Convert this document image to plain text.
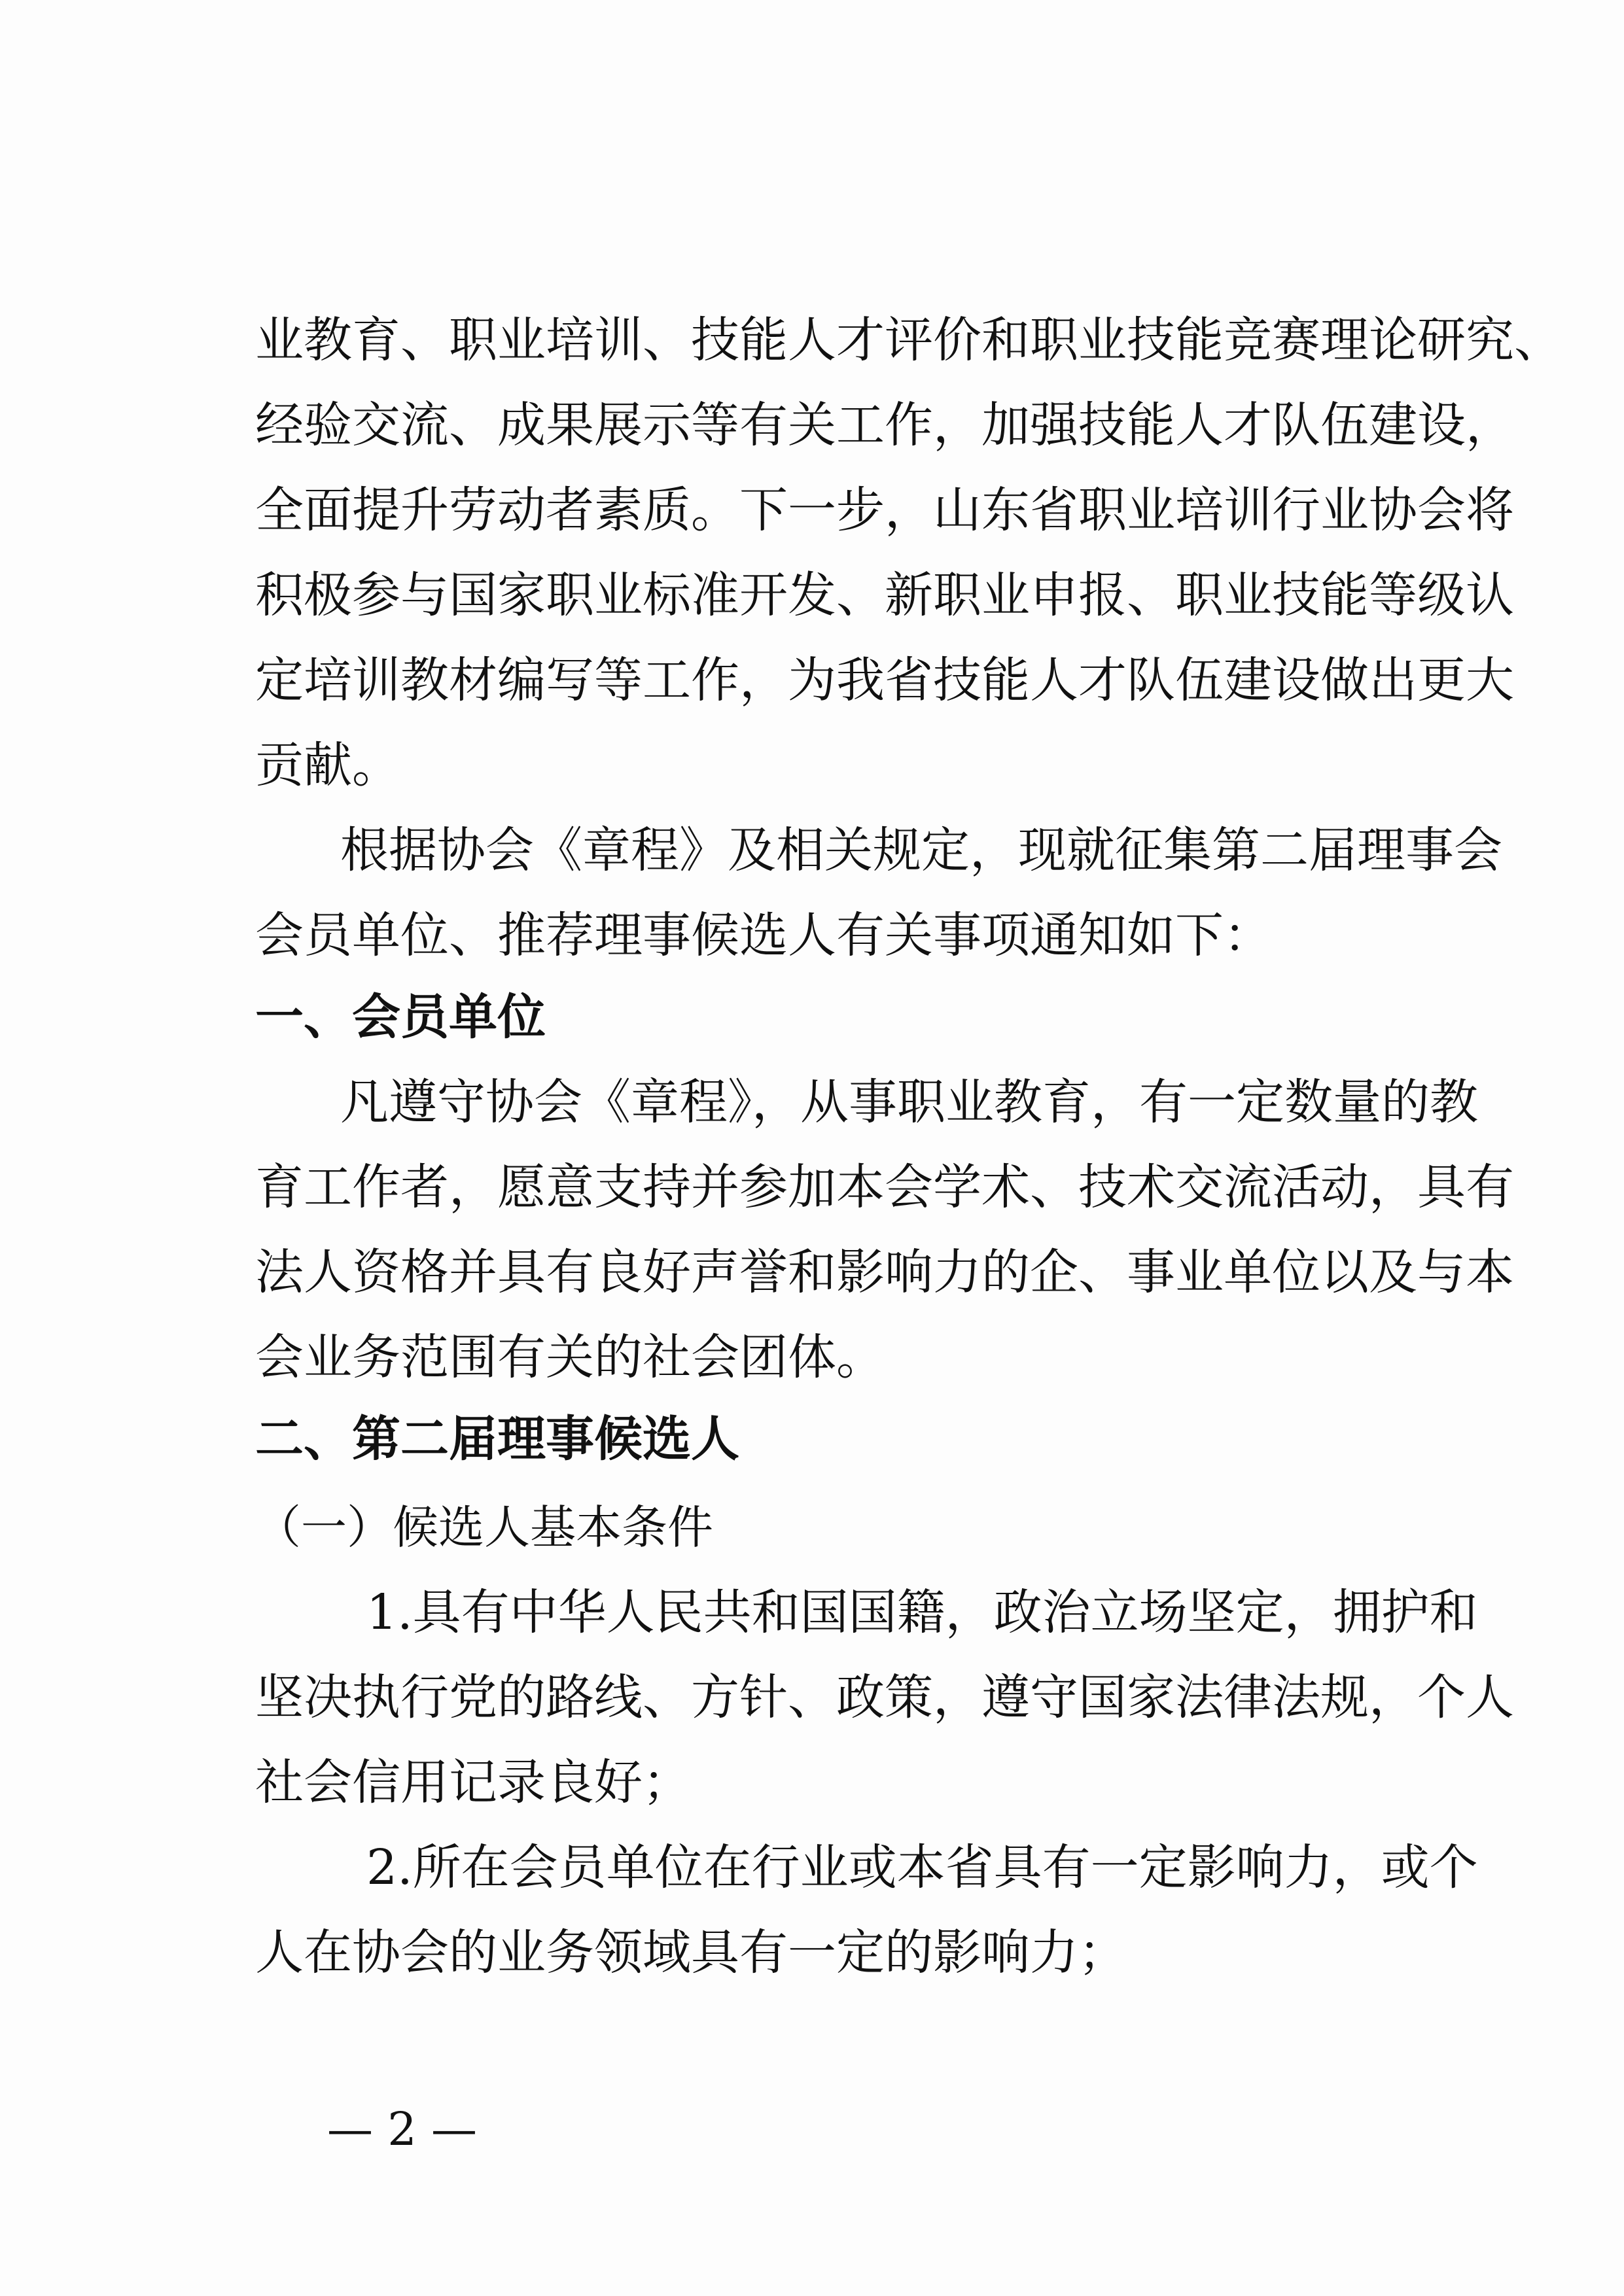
业教育、职业培训、技能人才评价和职业技能竞赛理论研究、
经验交流、成果展示等有关工作，加强技能人才队伍建设，
全面提升劳动者素质。下一步，山东省职业培训行业协会将
积极参与国家职业标准开发、新职业申报、职业技能等级认
定培训教材编写等工作，为我省技能人才队伍建设做出更大
贡献。
根据协会《章程》及相关规定，现就征集第二届理事会
会员单位、推荐理事候选人有关事项通知如下：
一、会员单位
凡遵守协会《章程》，从事职业教育，有一定数量的教
育工作者，愿意支持并参加本会学术、技术交流活动，具有
法人资格并具有良好声誉和影响力的企、事业单位以及与本
会业务范围有关的社会团体。
二、第二届理事候选人
（一）候选人基本条件
1.具有中华人民共和国国籍，政治立场坚定，拥护和
坚决执行党的路线、方针、政策，遵守国家法律法规，个人
社会信用记录良好；
2.所在会员单位在行业或本省具有一定影响力，或个
人在协会的业务领域具有一定的影响力；
— 2 —
